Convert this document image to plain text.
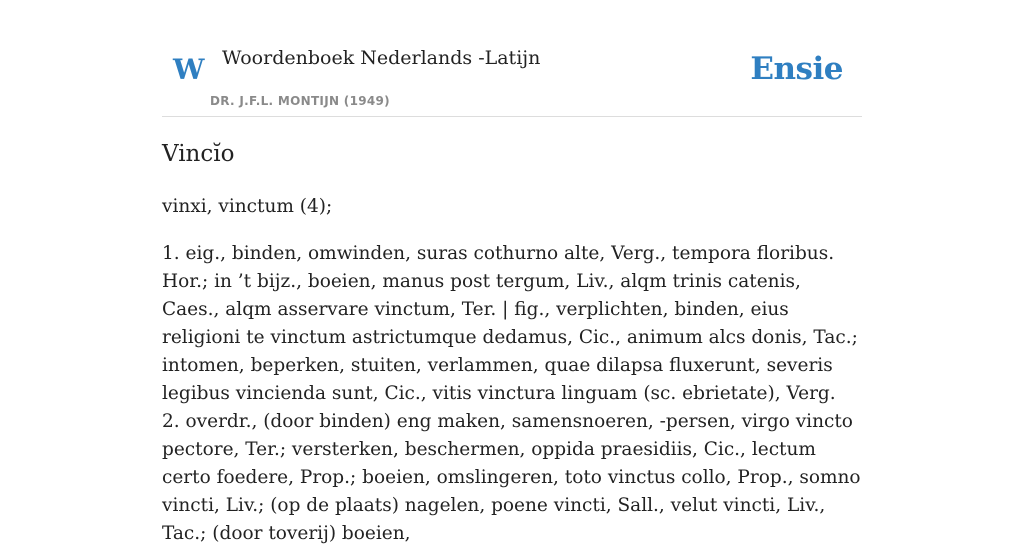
W Woordenboek Nederlands -Latijn
DR. J.F.L. MONTIJN (1949)
Ensie
Vincĭo

vinxi, vinctum (4);

1. eig., binden, omwinden, suras cothurno alte, Verg., tempora floribus. Hor.; in ’t bijz., boeien, manus post tergum, Liv., alqm trinis catenis, Caes., alqm asservare vinctum, Ter. | fig., verplichten, binden, eius religioni te vinctum astrictumque dedamus, Cic., animum alcs donis, Tac.; intomen, beperken, stuiten, verlammen, quae dilapsa fluxerunt, severis legibus vincienda sunt, Cic., vitis vinctura linguam (sc. ebrietate), Verg.
2. overdr., (door binden) eng maken, samensnoeren, -persen, virgo vincto pectore, Ter.; versterken, beschermen, oppida praesidiis, Cic., lectum certo foedere, Prop.; boeien, omslingeren, toto vinctus collo, Prop., somno vincti, Liv.; (op de plaats) nagelen, poene vincti, Sall., velut vincti, Liv., Tac.; (door toverij) boeien,
